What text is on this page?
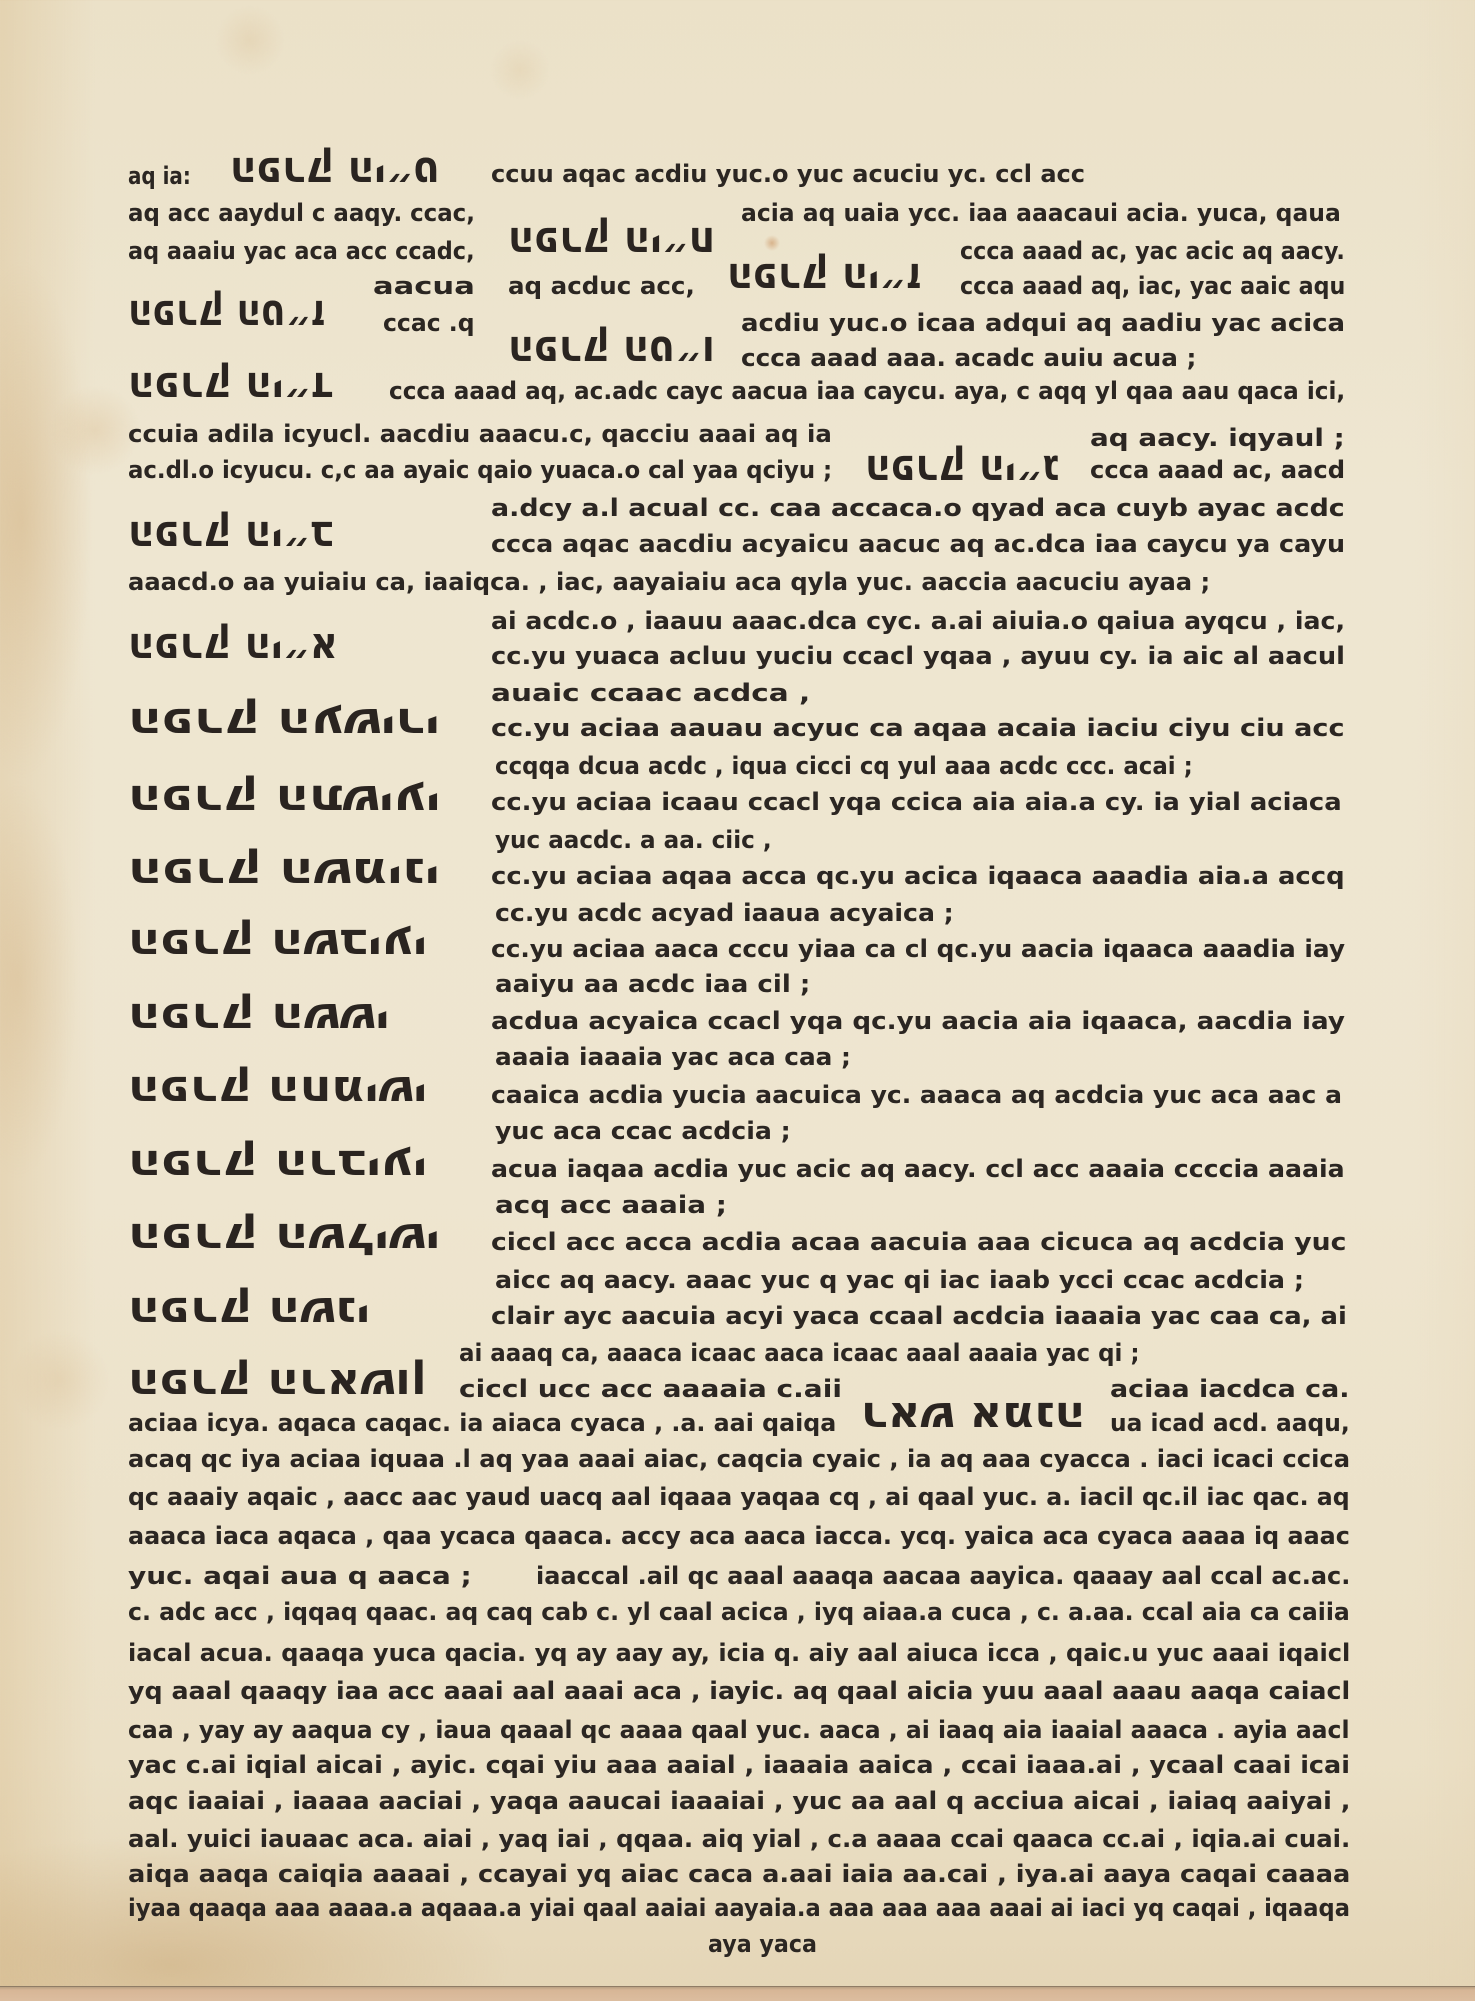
הפרק הי״ט
הפרק הי״ח
הפרק הי״ז
הפרק הט״ז
הפרק הט״ו
הפרק הי״ד
הפרק הי״ג
הפרק הי״ב
הפרק הי״א
הפרק העשירי
הפרק התשיעי
הפרק השמיני
הפרק השביעי
הפרק הששי
הפרק החמישי
הפרק הרביעי
הפרק השלישי
הפרק השני
הפרק הראשון
ראש אמנה
aq ia:	ccuu aqac acdiu yuc.o yuc acuciu yc. ccl acc
aq acc aaydul c aaqy. ccac,	acia aq uaia ycc. iaa aaacaui acia. yuca, qaua
aq aaaiu yac aca acc ccadc,	ccca aaad ac, yac acic aq aacy.
aacua aq acduc acc,	ccca aaad aq, iac, yac aaic aqu
ccac .q	acdiu yuc.o icaa adqui aq aadiu yac acica
ccca aaad aaa. acadc auiu acua ;
ccca aaad aq, ac.adc cayc aacua iaa caycu. aya, c aqq yl qaa aau qaca ici,
ccuia adila icyucl. aacdiu aaacu.c, qacciu aaai aq ia	aq aacy. iqyaul ;
ac.dl.o icyucu. c,c aa ayaic qaio yuaca.o cal yaa qciyu ;	ccca aaad ac, aacd
a.dcy a.l acual cc. caa accaca.o qyad aca cuyb ayac acdc
ccca aqac aacdiu acyaicu aacuc aq ac.dca iaa caycu ya cayu
aaacd.o aa yuiaiu ca, iaaiqca. , iac, aayaiaiu aca qyla yuc. aaccia aacuciu ayaa ;
ai acdc.o , iaauu aaac.dca cyc. a.ai aiuia.o qaiua ayqcu , iac,
cc.yu yuaca acluu yuciu ccacl yqaa , ayuu cy. ia aic al aacul
auaic ccaac acdca ,
cc.yu aciaa aauau acyuc ca aqaa acaia iaciu ciyu ciu acc
ccqqa dcua acdc , iqua cicci cq yul aaa acdc ccc. acai ;
cc.yu aciaa icaau ccacl yqa ccica aia aia.a cy. ia yial aciaca
yuc aacdc. a aa. ciic ,
cc.yu aciaa aqaa acca qc.yu acica iqaaca aaadia aia.a accq
cc.yu acdc acyad iaaua acyaica ;
cc.yu aciaa aaca cccu yiaa ca cl qc.yu aacia iqaaca aaadia iay
aaiyu aa acdc iaa cil ;
acdua acyaica ccacl yqa qc.yu aacia aia iqaaca, aacdia iay
aaaia iaaaia yac aca caa ;
caaica acdia yucia aacuica yc. aaaca aq acdcia yuc aca aac a
yuc aca ccac acdcia ;
acua iaqaa acdia yuc acic aq aacy. ccl acc aaaia ccccia aaaia
acq acc aaaia ;
ciccl acc acca acdia acaa aacuia aaa cicuca aq acdcia yuc
aicc aq aacy. aaac yuc q yac qi iac iaab ycci ccac acdcia ;
clair ayc aacuia acyi yaca ccaal acdcia iaaaia yac caa ca, ai
ai aaaq ca, aaaca icaac aaca icaac aaal aaaia yac qi ;
ciccl ucc acc aaaaia c.aii	aciaa iacdca ca.
aciaa icya. aqaca caqac. ia aiaca cyaca , .a. aai qaiqa	ua icad acd. aaqu,
acaq qc iya aciaa iquaa .l aq yaa aaai aiac, caqcia cyaic , ia aq aaa cyacca . iaci icaci ccica
qc aaaiy aqaic , aacc aac yaud uacq aal iqaaa yaqaa cq , ai qaal yuc. a. iacil qc.il iac qac. aq
aaaca iaca aqaca , qaa ycaca qaaca. accy aca aaca iacca. ycq. yaica aca cyaca aaaa iq aaac
yuc. aqai aua q aaca ;	iaaccal .ail qc aaal aaaqa aacaa aayica. qaaay aal ccal ac.ac.
c. adc acc , iqqaq qaac. aq caq cab c. yl caal acica , iyq aiaa.a cuca , c. a.aa. ccal aia ca caiia
iacal acua. qaaqa yuca qacia. yq ay aay ay, icia q. aiy aal aiuca icca , qaic.u yuc aaai iqaicl
yq aaal qaaqy iaa acc aaai aal aaai aca , iayic. aq qaal aicia yuu aaal aaau aaqa caiacl
caa , yay ay aaqua cy , iaua qaaal qc aaaa qaal yuc. aaca , ai iaaq aia iaaial aaaca . ayia aacl
yac c.ai iqial aicai , ayic. cqai yiu aaa aaial , iaaaia aaica , ccai iaaa.ai , ycaal caai icai
aqc iaaiai , iaaaa aaciai , yaqa aaucai iaaaiai , yuc aa aal q acciua aicai , iaiaq aaiyai ,
aal. yuici iauaac aca. aiai , yaq iai , qqaa. aiq yial , c.a aaaa ccai qaaca cc.ai , iqia.ai cuai.
aiqa aaqa caiqia aaaai , ccayai yq aiac caca a.aai iaia aa.cai , iya.ai aaya caqai caaaa
iyaa qaaqa aaa aaaa.a aqaaa.a yiai qaal aaiai aayaia.a aaa aaa aaa aaai ai iaci yq caqai , iqaaqa
aya yaca
